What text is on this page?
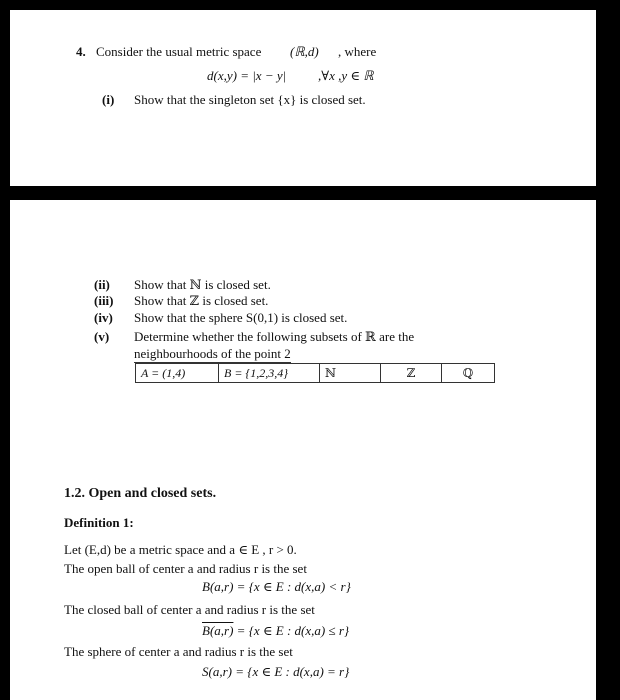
4. Consider the usual metric space (ℝ,d) , where
d(x,y) = |x − y| ,∀x ,y ∈ ℝ
(i) Show that the singleton set {x} is closed set.
(ii) Show that ℕ is closed set.
(iii) Show that ℤ is closed set.
(iv) Show that the sphere S(0,1) is closed set.
(v) Determine whether the following subsets of ℝ are the
neighbourhoods of the point 2
A = (1,4)	B = {1,2,3,4}	ℕ	ℤ	ℚ
1.2. Open and closed sets.
Definition 1:
Let (E,d) be a metric space and a ∈ E , r > 0.
The open ball of center a and radius r is the set
B(a,r) = {x ∈ E : d(x,a) < r}
The closed ball of center a and radius r is the set
B(a,r) = {x ∈ E : d(x,a) ≤ r}
The sphere of center a and radius r is the set
S(a,r) = {x ∈ E : d(x,a) = r}
